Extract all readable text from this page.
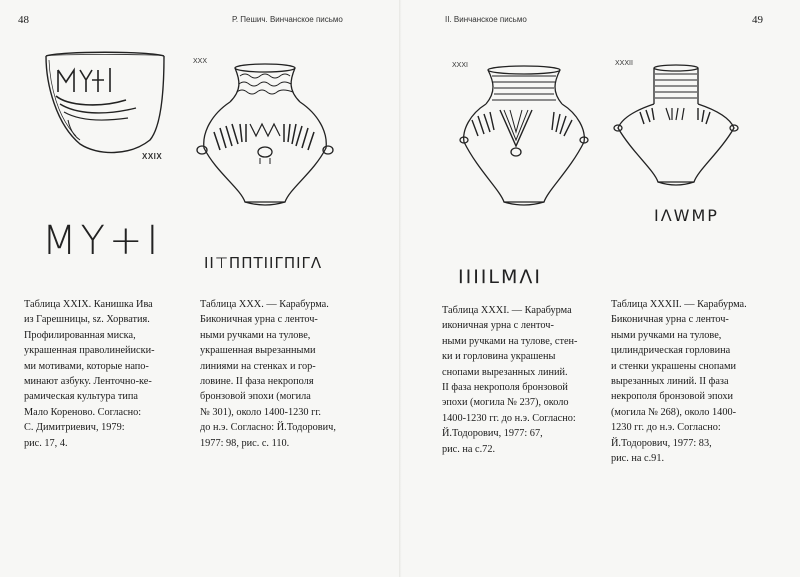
48	Р. Пешич. Винчанское письмо
XXIX
XXX
ΜΥ+Ι	ΙΙ⊤ΠΠΤΙΙΓΠΙΓΛ
Таблица XXIX. Канишка Ива
из Гарешницы, sz. Хорватия.
Профилированная миска,
украшенная праволинейиски-
ми мотивами, которые напо-
минают азбуку. Ленточно-ке-
рамическая культура типа
Мало Кореново. Согласно:
С. Димитриевич, 1979:
рис. 17, 4.
Таблица XXX. — Карабурма.
Биконичная урна с ленточ-
ными ручками на тулове,
украшенная вырезанными
линиями на стенках и гор-
ловине. II фаза некрополя
бронзовой эпохи (могила
№ 301), около 1400-1230 гг.
до н.э. Согласно: Й.Тодорович,
1977: 98, рис. с. 110.
II. Винчанское письмо	49
XXXI	XXXII
ΙΛWΜΡ
ΙΙΙΙLΜΛΙ
Таблица XXXI. — Карабурма
иконичная урна с ленточ-
ными ручками на тулове, стен-
ки и горловина украшены
снопами вырезанных линий.
II фаза некрополя бронзовой
эпохи (могила № 237), около
1400-1230 гг. до н.э. Согласно:
Й.Тодорович, 1977: 67,
рис. на с.72.
Таблица XXXII. — Карабурма.
Биконичная урна с ленточ-
ными ручками на тулове,
цилиндрическая горловина
и стенки украшены снопами
вырезанных линий. II фаза
некрополя бронзовой эпохи
(могила № 268), около 1400-
1230 гг. до н.э. Согласно:
Й.Тодорович, 1977: 83,
рис. на с.91.
